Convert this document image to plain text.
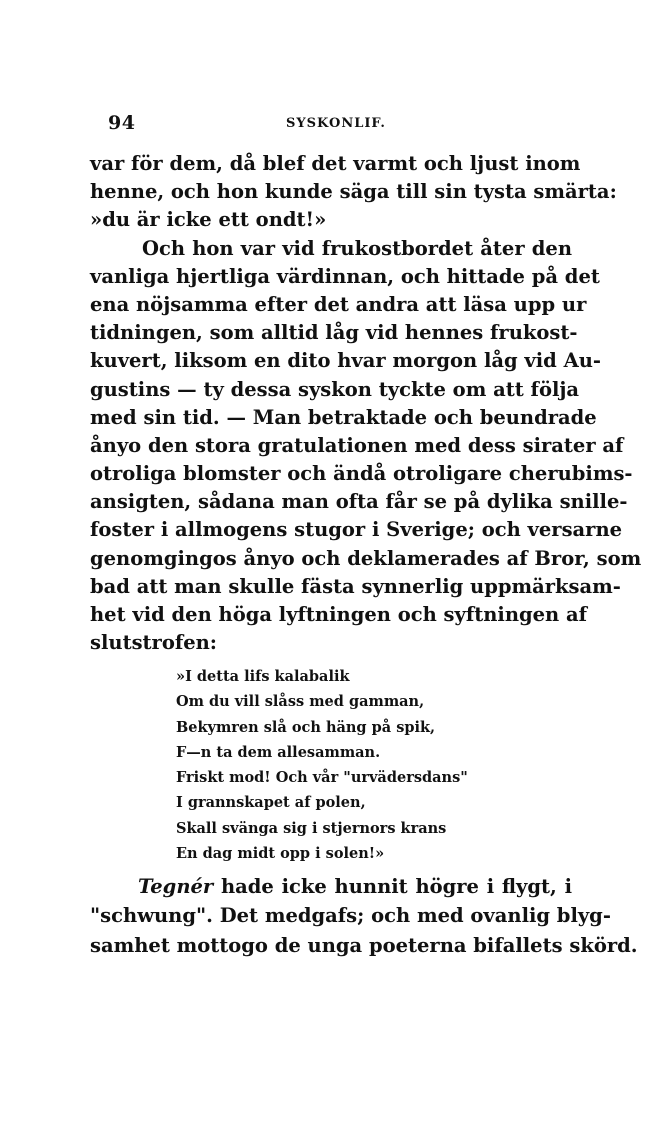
94	SYSKONLIF.
var för dem, då blef det varmt och ljust inom
henne, och hon kunde säga till sin tysta smärta:
»du är icke ett ondt!»
Och hon var vid frukostbordet åter den
vanliga hjertliga värdinnan, och hittade på det
ena nöjsamma efter det andra att läsa upp ur
tidningen, som alltid låg vid hennes frukost-
kuvert, liksom en dito hvar morgon låg vid Au-
gustins — ty dessa syskon tyckte om att följa
med sin tid. — Man betraktade och beundrade
ånyo den stora gratulationen med dess sirater af
otroliga blomster och ändå otroligare cherubims-
ansigten, sådana man ofta får se på dylika snille-
foster i allmogens stugor i Sverige; och versarne
genomgingos ånyo och deklamerades af Bror, som
bad att man skulle fästa synnerlig uppmärksam-
het vid den höga lyftningen och syftningen af
slutstrofen:
»I detta lifs kalabalik
Om du vill slåss med gamman,
Bekymren slå och häng på spik,
F—n ta dem allesamman.
Friskt mod! Och vår "urvädersdans"
I grannskapet af polen,
Skall svänga sig i stjernors krans
En dag midt opp i solen!»
Tegnér hade icke hunnit högre i flygt, i
"schwung". Det medgafs; och med ovanlig blyg-
samhet mottogo de unga poeterna bifallets skörd.
